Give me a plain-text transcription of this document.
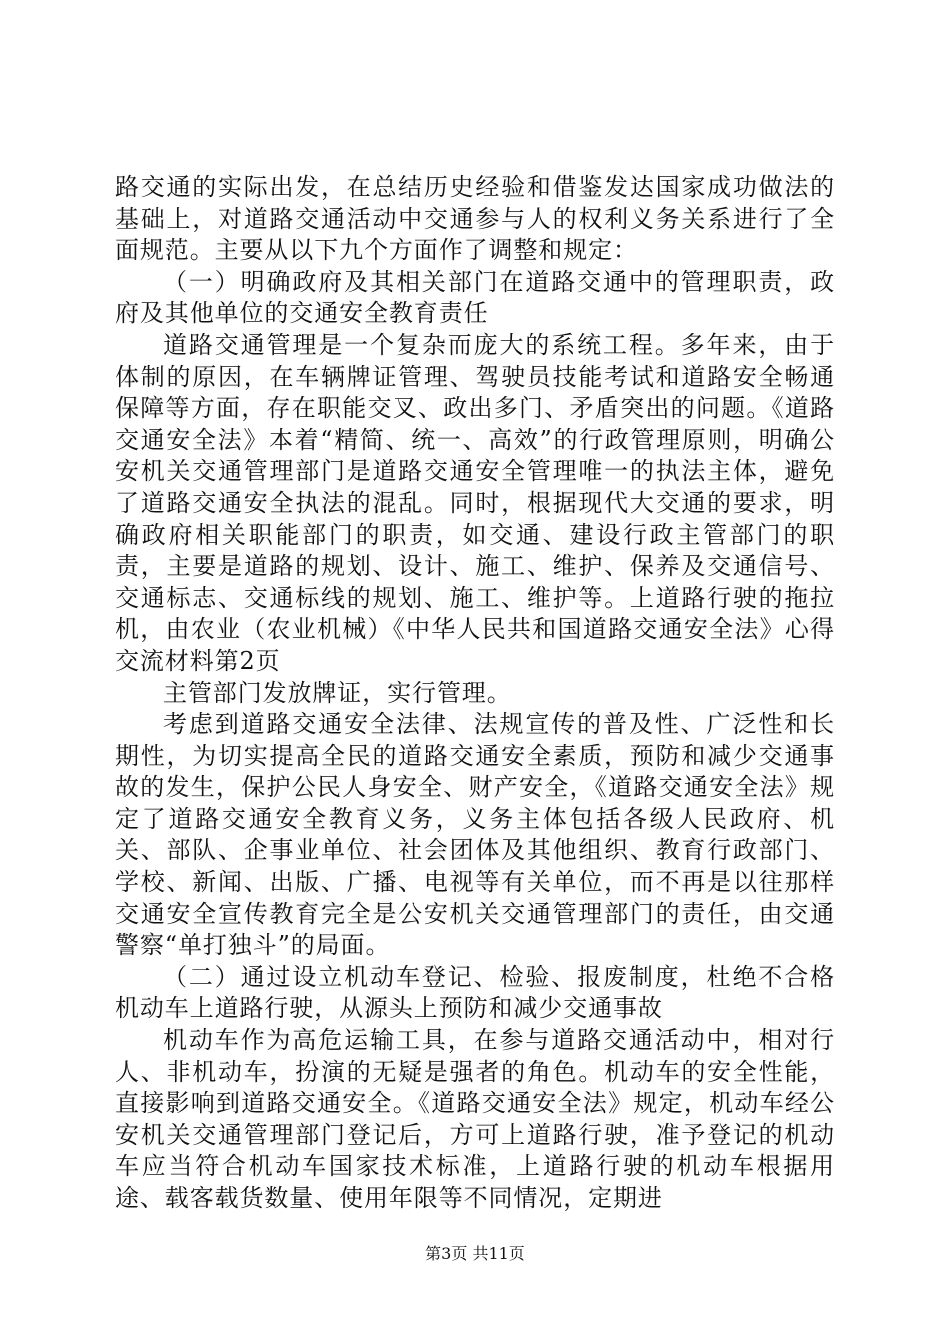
路交通的实际出发，在总结历史经验和借鉴发达国家成功做法的基础上，对道路交通活动中交通参与人的权利义务关系进行了全面规范。主要从以下九个方面作了调整和规定：

（一）明确政府及其相关部门在道路交通中的管理职责，政府及其他单位的交通安全教育责任

道路交通管理是一个复杂而庞大的系统工程。多年来，由于体制的原因，在车辆牌证管理、驾驶员技能考试和道路安全畅通保障等方面，存在职能交叉、政出多门、矛盾突出的问题。《道路交通安全法》本着“精简、统一、高效”的行政管理原则，明确公安机关交通管理部门是道路交通安全管理唯一的执法主体，避免了道路交通安全执法的混乱。同时，根据现代大交通的要求，明确政府相关职能部门的职责，如交通、建设行政主管部门的职责，主要是道路的规划、设计、施工、维护、保养及交通信号、交通标志、交通标线的规划、施工、维护等。上道路行驶的拖拉机，由农业（农业机械）《中华人民共和国道路交通安全法》心得交流材料第2页

主管部门发放牌证，实行管理。

考虑到道路交通安全法律、法规宣传的普及性、广泛性和长期性，为切实提高全民的道路交通安全素质，预防和减少交通事故的发生，保护公民人身安全、财产安全，《道路交通安全法》规定了道路交通安全教育义务，义务主体包括各级人民政府、机关、部队、企事业单位、社会团体及其他组织、教育行政部门、学校、新闻、出版、广播、电视等有关单位，而不再是以往那样交通安全宣传教育完全是公安机关交通管理部门的责任，由交通警察“单打独斗”的局面。

（二）通过设立机动车登记、检验、报废制度，杜绝不合格机动车上道路行驶，从源头上预防和减少交通事故

机动车作为高危运输工具，在参与道路交通活动中，相对行人、非机动车，扮演的无疑是强者的角色。机动车的安全性能，直接影响到道路交通安全。《道路交通安全法》规定，机动车经公安机关交通管理部门登记后，方可上道路行驶，准予登记的机动车应当符合机动车国家技术标准，上道路行驶的机动车根据用途、载客载货数量、使用年限等不同情况，定期进

第3页 共11页
